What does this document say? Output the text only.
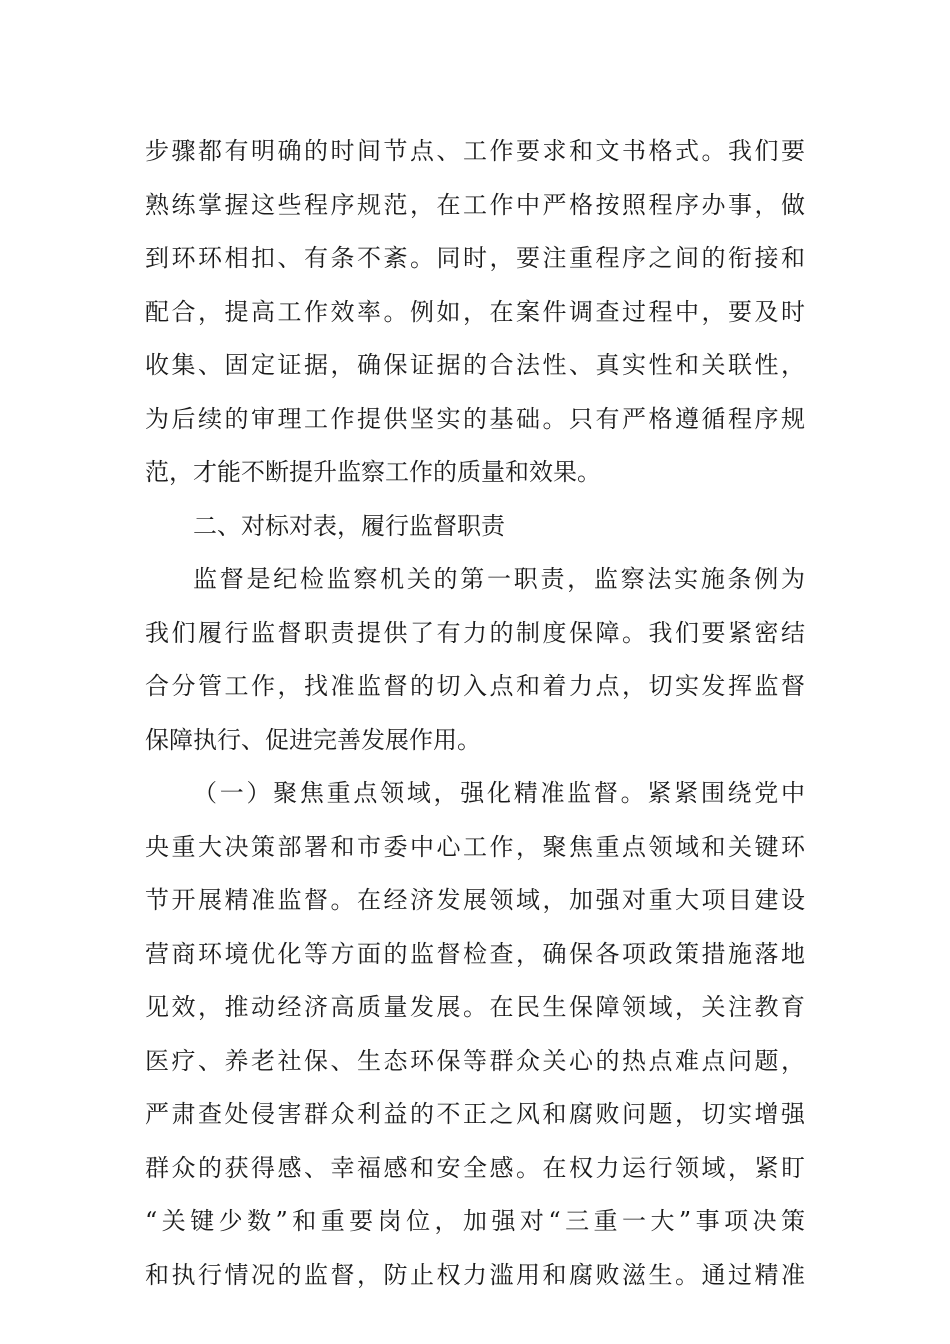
步骤都有明确的时间节点、工作要求和文书格式。我们要
熟练掌握这些程序规范，在工作中严格按照程序办事，做
到环环相扣、有条不紊。同时，要注重程序之间的衔接和
配合，提高工作效率。例如，在案件调查过程中，要及时
收集、固定证据，确保证据的合法性、真实性和关联性，
为后续的审理工作提供坚实的基础。只有严格遵循程序规
范，才能不断提升监察工作的质量和效果。
二、对标对表，履行监督职责
监督是纪检监察机关的第一职责，监察法实施条例为
我们履行监督职责提供了有力的制度保障。我们要紧密结
合分管工作，找准监督的切入点和着力点，切实发挥监督
保障执行、促进完善发展作用。
（一）聚焦重点领域，强化精准监督。紧紧围绕党中
央重大决策部署和市委中心工作，聚焦重点领域和关键环
节开展精准监督。在经济发展领域，加强对重大项目建设
营商环境优化等方面的监督检查，确保各项政策措施落地
见效，推动经济高质量发展。在民生保障领域，关注教育
医疗、养老社保、生态环保等群众关心的热点难点问题，
严肃查处侵害群众利益的不正之风和腐败问题，切实增强
群众的获得感、幸福感和安全感。在权力运行领域，紧盯
“关键少数”和重要岗位，加强对“三重一大”事项决策
和执行情况的监督，防止权力滥用和腐败滋生。通过精准
